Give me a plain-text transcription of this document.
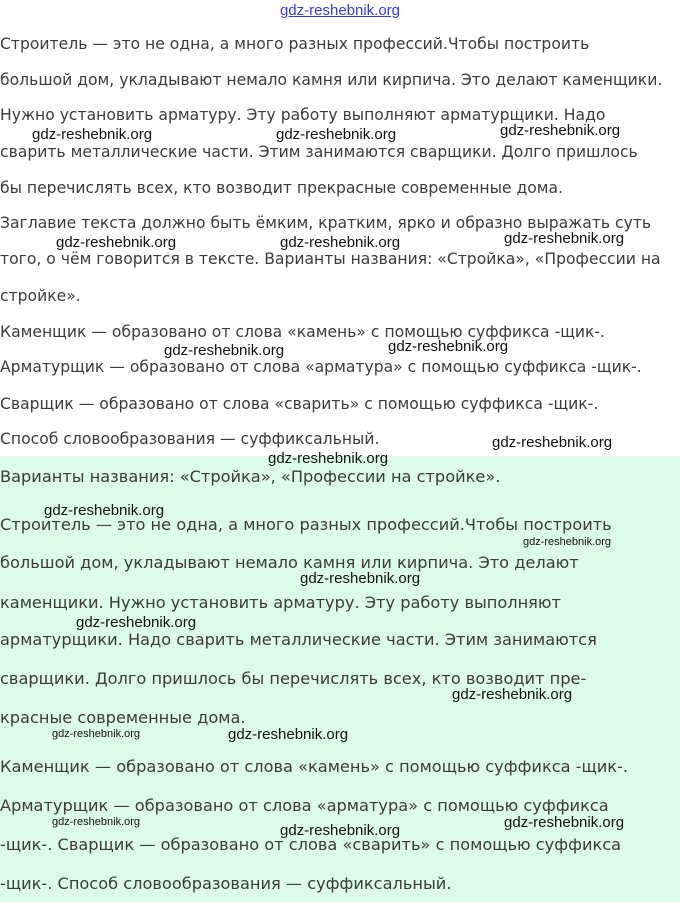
gdz-reshebnik.org
Строитель — это не одна, а много разных профессий.Чтобы построить
большой дом, укладывают немало камня или кирпича. Это делают каменщики.
Нужно установить арматуру. Эту работу выполняют арматурщики. Надо
сварить металлические части. Этим занимаются сварщики. Долго пришлось
бы перечислять всех, кто возводит прекрасные современные дома.
Заглавие текста должно быть ёмким, кратким, ярко и образно выражать суть
того, о чём говорится в тексте. Варианты названия: «Стройка», «Профессии на
стройке».
Каменщик — образовано от слова «камень» с помощью суффикса -щик-.
Арматурщик — образовано от слова «арматура» с помощью суффикса -щик-.
Сварщик — образовано от слова «сварить» с помощью суффикса -щик-.
Способ словообразования — суффиксальный.
Варианты названия: «Стройка», «Профессии на стройке».
Строитель — это не одна, а много разных профессий.Чтобы построить
большой дом, укладывают немало камня или кирпича. Это делают
каменщики. Нужно установить арматуру. Эту работу выполняют
арматурщики. Надо сварить металлические части. Этим занимаются
сварщики. Долго пришлось бы перечислять всех, кто возводит пре-
красные современные дома.
Каменщик — образовано от слова «камень» с помощью суффикса -щик-.
Арматурщик — образовано от слова «арматура» с помощью суффикса
-щик-. Сварщик — образовано от слова «сварить» с помощью суффикса
-щик-. Способ словообразования — суффиксальный.
gdz-reshebnik.org	gdz-reshebnik.org	gdz-reshebnik.org
gdz-reshebnik.org	gdz-reshebnik.org	gdz-reshebnik.org
gdz-reshebnik.org	gdz-reshebnik.org
gdz-reshebnik.org
gdz-reshebnik.org
gdz-reshebnik.org
gdz-reshebnik.org
gdz-reshebnik.org
gdz-reshebnik.org
gdz-reshebnik.org
gdz-reshebnik.org	gdz-reshebnik.org
gdz-reshebnik.org	gdz-reshebnik.org
gdz-reshebnik.org
